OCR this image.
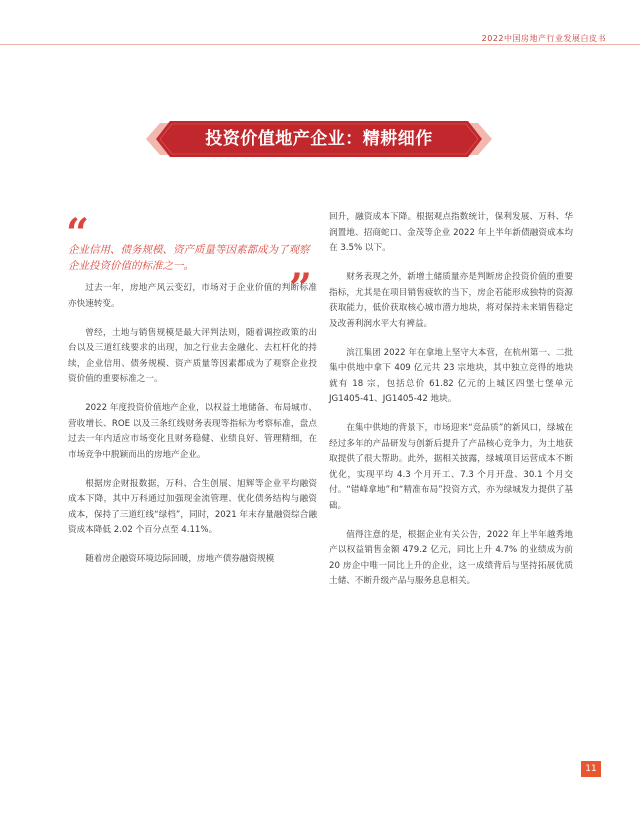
2022中国房地产行业发展白皮书
投资价值地产企业：精耕细作
“
企业信用、债务规模、资产质量等因素都成为了观察企业投资价值的标准之一。	”

过去一年，房地产风云变幻，市场对于企业价值的判断标准亦快速转变。

曾经，土地与销售规模是最大评判法则，随着调控政策的出台以及三道红线要求的出现，加之行业去金融化、去杠杆化的持续，企业信用、债务规模、资产质量等因素都成为了观察企业投资价值的重要标准之一。

2022 年度投资价值地产企业，以权益土地储备、布局城市、营收增长、ROE 以及三条红线财务表现等指标为考察标准，盘点过去一年内适应市场变化且财务稳健、业绩良好、管理精细，在市场竞争中脱颖而出的房地产企业。

根据房企财报数据，万科、合生创展、旭辉等企业平均融资成本下降，其中万科通过加强现金流管理、优化债务结构与融资成本，保持了三道红线“绿档”，同时，2021 年末存量融资综合融资成本降低 2.02 个百分点至 4.11%。

随着房企融资环境边际回暖，房地产债券融资规模

回升，融资成本下降。根据观点指数统计，保利发展、万科、华润置地、招商蛇口、金茂等企业 2022 年上半年新债融资成本均在 3.5% 以下。

财务表现之外，新增土储质量亦是判断房企投资价值的重要指标，尤其是在项目销售疲软的当下，房企若能形成独特的资源获取能力，低价获取核心城市潜力地块，将对保持未来销售稳定及改善利润水平大有裨益。

滨江集团 2022 年在拿地上坚守大本营，在杭州第一、二批集中供地中拿下 409 亿元共 23 宗地块，其中独立竞得的地块就有 18 宗，包括总价 61.82 亿元的上城区四堡七堡单元 JG1405-41、JG1405-42 地块。

在集中供地的背景下，市场迎来“竞品质”的新风口，绿城在经过多年的产品研发与创新后提升了产品核心竞争力，为土地获取提供了很大帮助。此外，据相关披露，绿城项目运营成本不断优化，实现平均 4.3 个月开工、7.3 个月开盘、30.1 个月交付。“错峰拿地”和“精准布局”投资方式，亦为绿城发力提供了基础。

值得注意的是，根据企业有关公告，2022 年上半年越秀地产以权益销售金额 479.2 亿元，同比上升 4.7% 的业绩成为前 20 房企中唯一同比上升的企业，这一成绩背后与坚持拓展优质土储、不断升级产品与服务息息相关。

11
